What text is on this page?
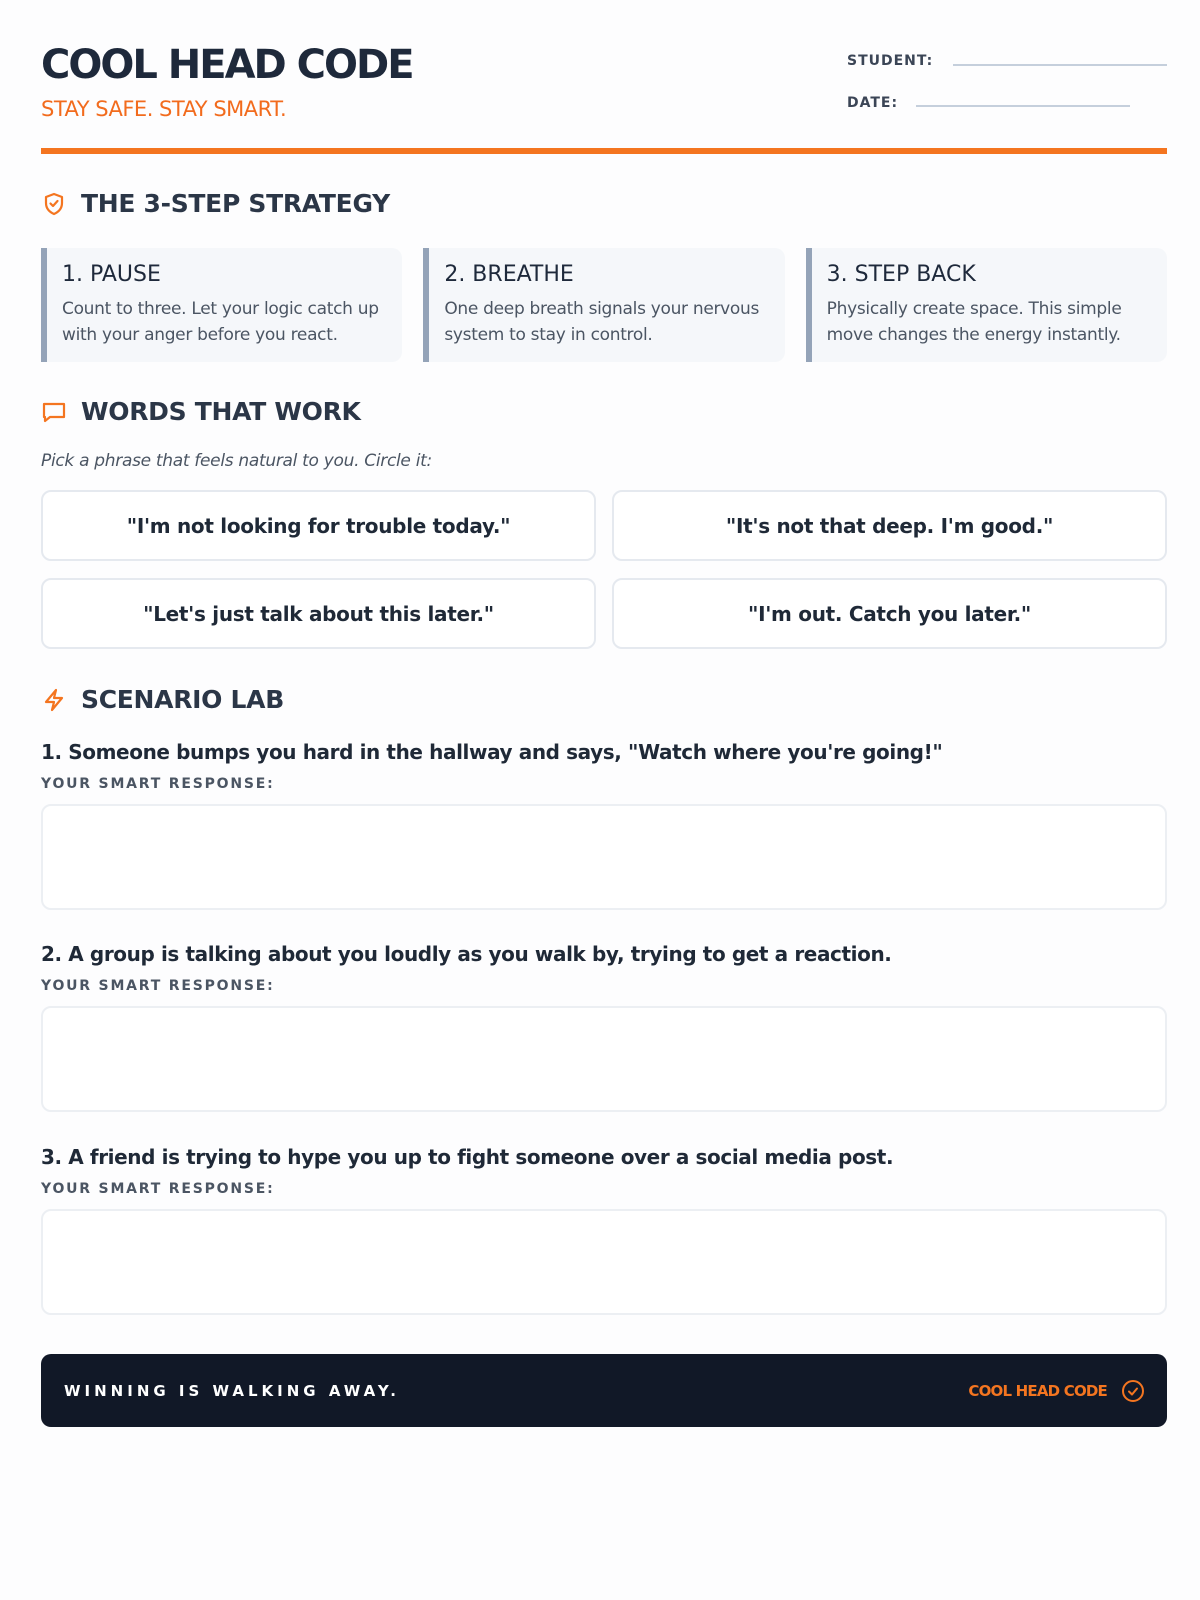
COOL HEAD CODE
STAY SAFE. STAY SMART.
STUDENT:
DATE:
THE 3-STEP STRATEGY
1. PAUSE

Count to three. Let your logic catch up with your anger before you react.

2. BREATHE

One deep breath signals your nervous system to stay in control.

3. STEP BACK

Physically create space. This simple move changes the energy instantly.

WORDS THAT WORK
Pick a phrase that feels natural to you. Circle it:
"I'm not looking for trouble today."	"It's not that deep. I'm good."
"Let's just talk about this later."	"I'm out. Catch you later."
SCENARIO LAB
1. Someone bumps you hard in the hallway and says, "Watch where you're going!"
YOUR SMART RESPONSE:
2. A group is talking about you loudly as you walk by, trying to get a reaction.
YOUR SMART RESPONSE:
3. A friend is trying to hype you up to fight someone over a social media post.
YOUR SMART RESPONSE:
WINNING IS WALKING AWAY.	COOL HEAD CODE
